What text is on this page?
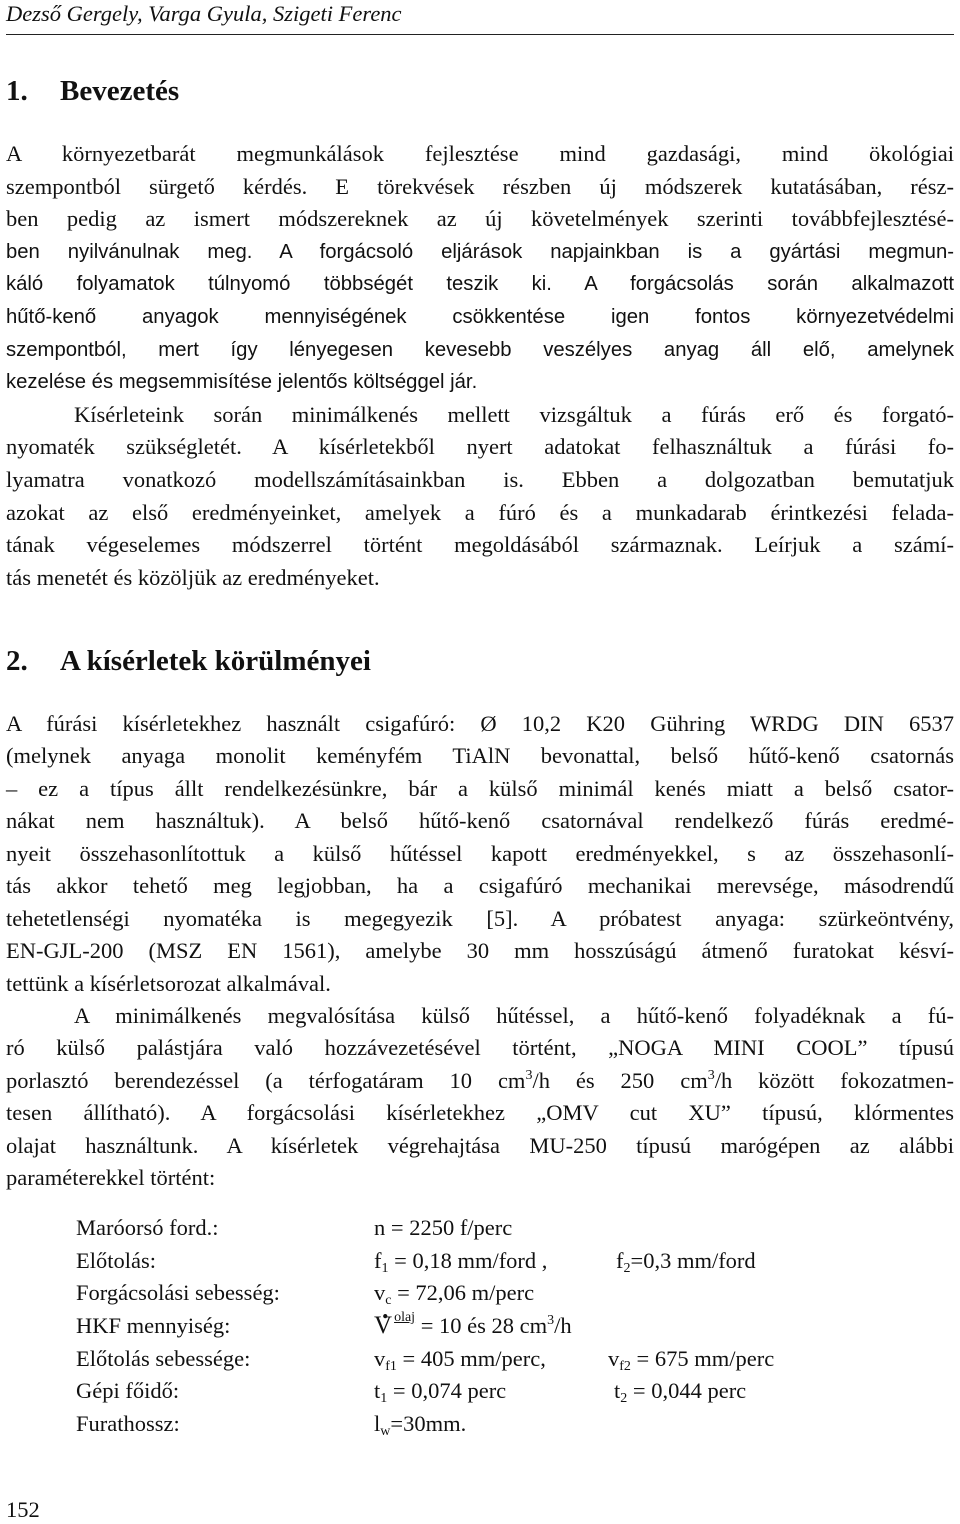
Dezső Gergely, Varga Gyula, Szigeti Ferenc
1. Bevezetés
A környezetbarát megmunkálások fejlesztése mind gazdasági, mind ökológiai
szempontból sürgető kérdés. E törekvések részben új módszerek kutatásában, rész-
ben pedig az ismert módszereknek az új követelmények szerinti továbbfejlesztésé-
ben nyilvánulnak meg. A forgácsoló eljárások napjainkban is a gyártási megmun-
káló folyamatok túlnyomó többségét teszik ki. A forgácsolás során alkalmazott
hűtő-kenő anyagok mennyiségének csökkentése igen fontos környezetvédelmi
szempontból, mert így lényegesen kevesebb veszélyes anyag áll elő, amelynek
kezelése és megsemmisítése jelentős költséggel jár.
Kísérleteink során minimálkenés mellett vizsgáltuk a fúrás erő és forgató-
nyomaték szükségletét. A kísérletekből nyert adatokat felhasználtuk a fúrási fo-
lyamatra vonatkozó modellszámításainkban is. Ebben a dolgozatban bemutatjuk
azokat az első eredményeinket, amelyek a fúró és a munkadarab érintkezési felada-
tának végeselemes módszerrel történt megoldásából származnak. Leírjuk a számí-
tás menetét és közöljük az eredményeket.
2. A kísérletek körülményei
A fúrási kísérletekhez használt csigafúró: Ø 10,2 K20 Gühring WRDG DIN 6537
(melynek anyaga monolit keményfém TiAlN bevonattal, belső hűtő-kenő csatornás
– ez a típus állt rendelkezésünkre, bár a külső minimál kenés miatt a belső csator-
nákat nem használtuk). A belső hűtő-kenő csatornával rendelkező fúrás eredmé-
nyeit összehasonlítottuk a külső hűtéssel kapott eredményekkel, s az összehasonlí-
tás akkor tehető meg legjobban, ha a csigafúró mechanikai merevsége, másodrendű
tehetetlenségi nyomatéka is megegyezik [5]. A próbatest anyaga: szürkeöntvény,
EN-GJL-200 (MSZ EN 1561), amelybe 30 mm hosszúságú átmenő furatokat késví-
tettünk a kísérletsorozat alkalmával.
A minimálkenés megvalósítása külső hűtéssel, a hűtő-kenő folyadéknak a fú-
ró külső palástjára való hozzávezetésével történt, „NOGA MINI COOL” típusú
porlasztó berendezéssel (a térfogatáram 10 $cm^3/h$ és 250 $cm^3/h$ között fokozatmen-
tesen állítható). A forgácsolási kísérletekhez „OMV cut XU” típusú, klórmentes
olajat használtunk. A kísérletek végrehajtása MU-250 típusú marógépen az alábbi
paraméterekkel történt:
Maróorsó ford.:	n = 2250 f/perc
Előtolás:	$f_1 = 0,18$ mm/ford ,	$f_2=0,3$ mm/ford
Forgácsolási sebesség:	$v_c = 72,06$ m/perc
HKF mennyiség:
.	V $^{olaj}$ = 10 és 28 $cm^3/h$
Előtolás sebessége:	$v_{f1} = 405$ mm/perc,	$v_{f2} = 675$ mm/perc
Gépi főidő:	$t_1 = 0,074$ perc	$t_2 = 0,044$ perc
Furathossz:	$l_w=30mm$.
152
